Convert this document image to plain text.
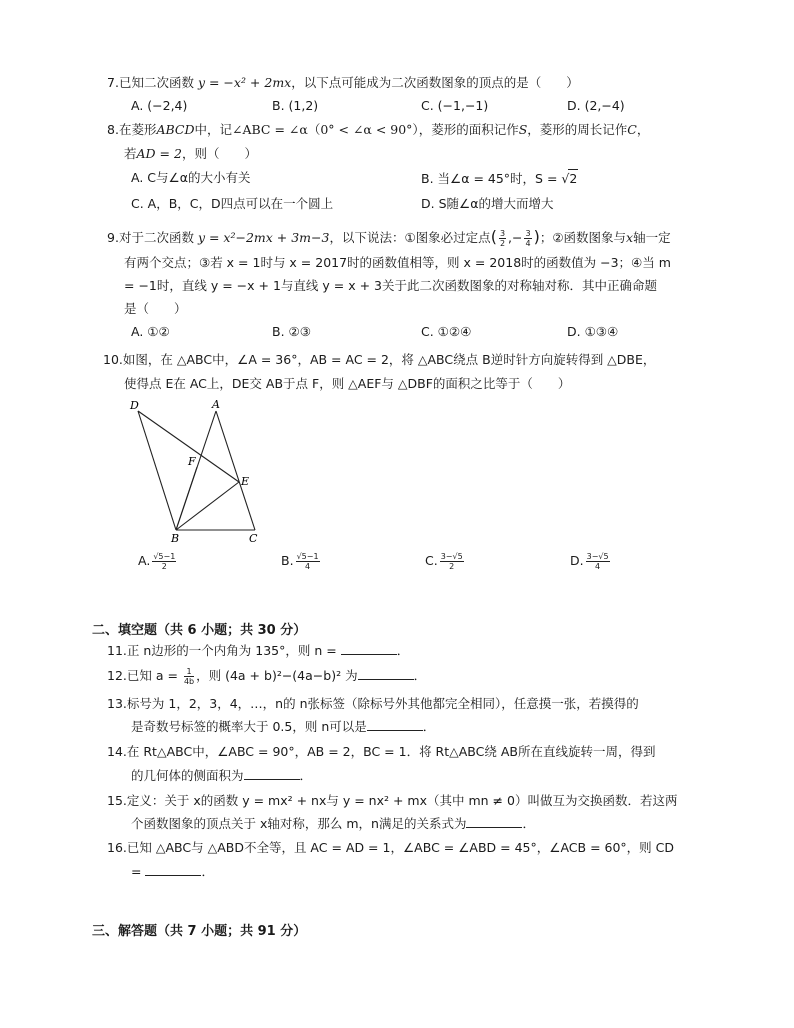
7.已知二次函数 y = −x² + 2mx，以下点可能成为二次函数图象的顶点的是（　　）
A. (−2,4)	B. (1,2)	C. (−1,−1)	D. (2,−4)
8.在菱形ABCD中，记∠ABC = ∠α（0° < ∠α < 90°），菱形的面积记作S，菱形的周长记作C，
若AD = 2，则（　　）
A. C与∠α的大小有关	B. 当∠α = 45°时，S = √2
C. A，B，C，D四点可以在一个圆上	D. S随∠α的增大而增大
9.对于二次函数 y = x²−2mx + 3m−3，以下说法：①图象必过定点( $\frac{3}{2}$ ,− $\frac{3}{4}$ )；②函数图象与x轴一定
有两个交点；③若 x = 1时与 x = 2017时的函数值相等，则 x = 2018时的函数值为 −3；④当 m
= −1时，直线 y = −x + 1与直线 y = x + 3关于此二次函数图象的对称轴对称．其中正确命题
是（　　）
A. ①②	B. ②③	C. ①②④	D. ①③④
10.如图，在 △ABC中，∠A = 36°，AB = AC = 2，将 △ABC绕点 B逆时针方向旋转得到 △DBE，
使得点 E在 AC上，DE交 AB于点 F，则 △AEF与 △DBF的面积之比等于（　　）
D	A
F
E
B	C
A. $\frac{√5-1}{2}$	B. $\frac{√5-1}{4}$	C. $\frac{3-√5}{2}$	D. $\frac{3-√5}{4}$
二、填空题（共 6 小题；共 30 分）
11.正 n边形的一个内角为 135°，则 n =	．
12.已知 $a = \frac{1}{4b}$ ，则 (4a + b)²−(4a−b)² 为	．
13.标号为 1，2，3，4，…，n的 n张标签（除标号外其他都完全相同），任意摸一张，若摸得的
是奇数号标签的概率大于 0.5，则 n可以是	．
14.在 Rt△ABC中，∠ABC = 90°，AB = 2，BC = 1．将 Rt△ABC绕 AB所在直线旋转一周，得到
的几何体的侧面积为	．
15.定义：关于 x的函数 y = mx² + nx与 y = nx² + mx（其中 mn ≠ 0）叫做互为交换函数．若这两
个函数图象的顶点关于 x轴对称，那么 m，n满足的关系式为	．
16.已知 △ABC与 △ABD不全等，且 AC = AD = 1，∠ABC = ∠ABD = 45°，∠ACB = 60°，则 CD
=	．
三、解答题（共 7 小题；共 91 分）
